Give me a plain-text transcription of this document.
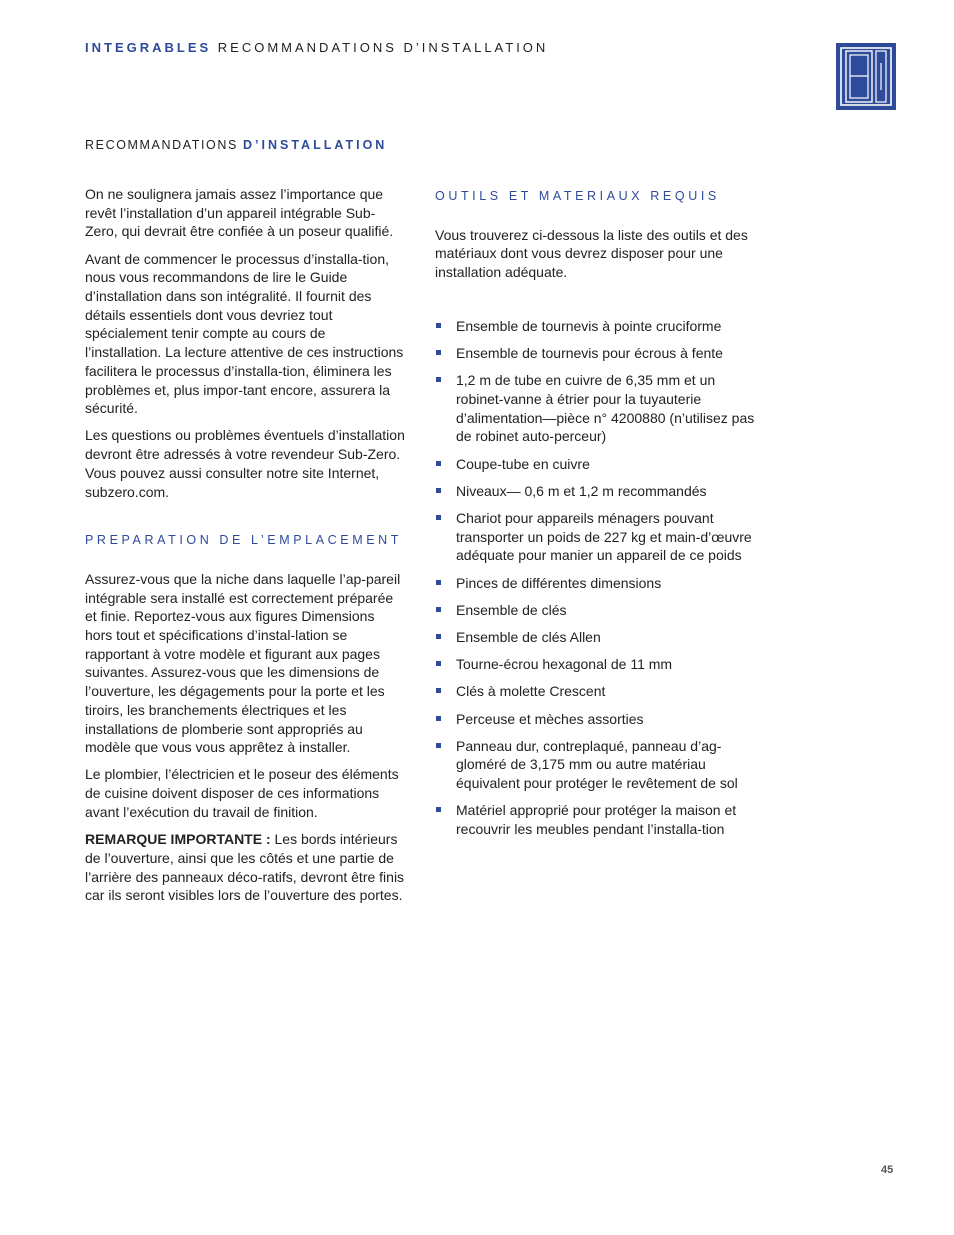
INTEGRABLES RECOMMANDATIONS D’INSTALLATION
RECOMMANDATIONS D’INSTALLATION

On ne soulignera jamais assez l’importance que revêt l’installation d’un appareil intégrable Sub-Zero, qui devrait être confiée à un poseur qualifié.

Avant de commencer le processus d’installa-tion, nous vous recommandons de lire le Guide d’installation dans son intégralité. Il fournit des détails essentiels dont vous devriez tout spécialement tenir compte au cours de l’installation. La lecture attentive de ces instructions facilitera le processus d’installa-tion, éliminera les problèmes et, plus impor-tant encore, assurera la sécurité.

Les questions ou problèmes éventuels d’installation devront être adressés à votre revendeur Sub-Zero. Vous pouvez aussi consulter notre site Internet, subzero.com.

PREPARATION DE L’EMPLACEMENT

Assurez-vous que la niche dans laquelle l’ap-pareil intégrable sera installé est correctement préparée et finie. Reportez-vous aux figures Dimensions hors tout et spécifications d’instal-lation se rapportant à votre modèle et figurant aux pages suivantes. Assurez-vous que les dimensions de l’ouverture, les dégagements pour la porte et les tiroirs, les branchements électriques et les installations de plomberie sont appropriés au modèle que vous vous apprêtez à installer.

Le plombier, l’électricien et le poseur des éléments de cuisine doivent disposer de ces informations avant l’exécution du travail de finition.

REMARQUE IMPORTANTE : Les bords intérieurs de l’ouverture, ainsi que les côtés et une partie de l’arrière des panneaux déco-ratifs, devront être finis car ils seront visibles lors de l’ouverture des portes.

OUTILS ET MATERIAUX REQUIS

Vous trouverez ci-dessous la liste des outils et des matériaux dont vous devrez disposer pour une installation adéquate.

Ensemble de tournevis à pointe cruciforme
Ensemble de tournevis pour écrous à fente
1,2 m de tube en cuivre de 6,35 mm et un robinet-vanne à étrier pour la tuyauterie d’alimentation—pièce n° 4200880 (n’utilisez pas de robinet auto-perceur)
Coupe-tube en cuivre
Niveaux— 0,6 m et 1,2 m recommandés
Chariot pour appareils ménagers pouvant transporter un poids de 227 kg et main-d’œuvre adéquate pour manier un appareil de ce poids
Pinces de différentes dimensions
Ensemble de clés
Ensemble de clés Allen
Tourne-écrou hexagonal de 11 mm
Clés à molette Crescent
Perceuse et mèches assorties
Panneau dur, contreplaqué, panneau d’ag-gloméré de 3,175 mm ou autre matériau équivalent pour protéger le revêtement de sol
Matériel approprié pour protéger la maison et recouvrir les meubles pendant l’installa-tion
45
